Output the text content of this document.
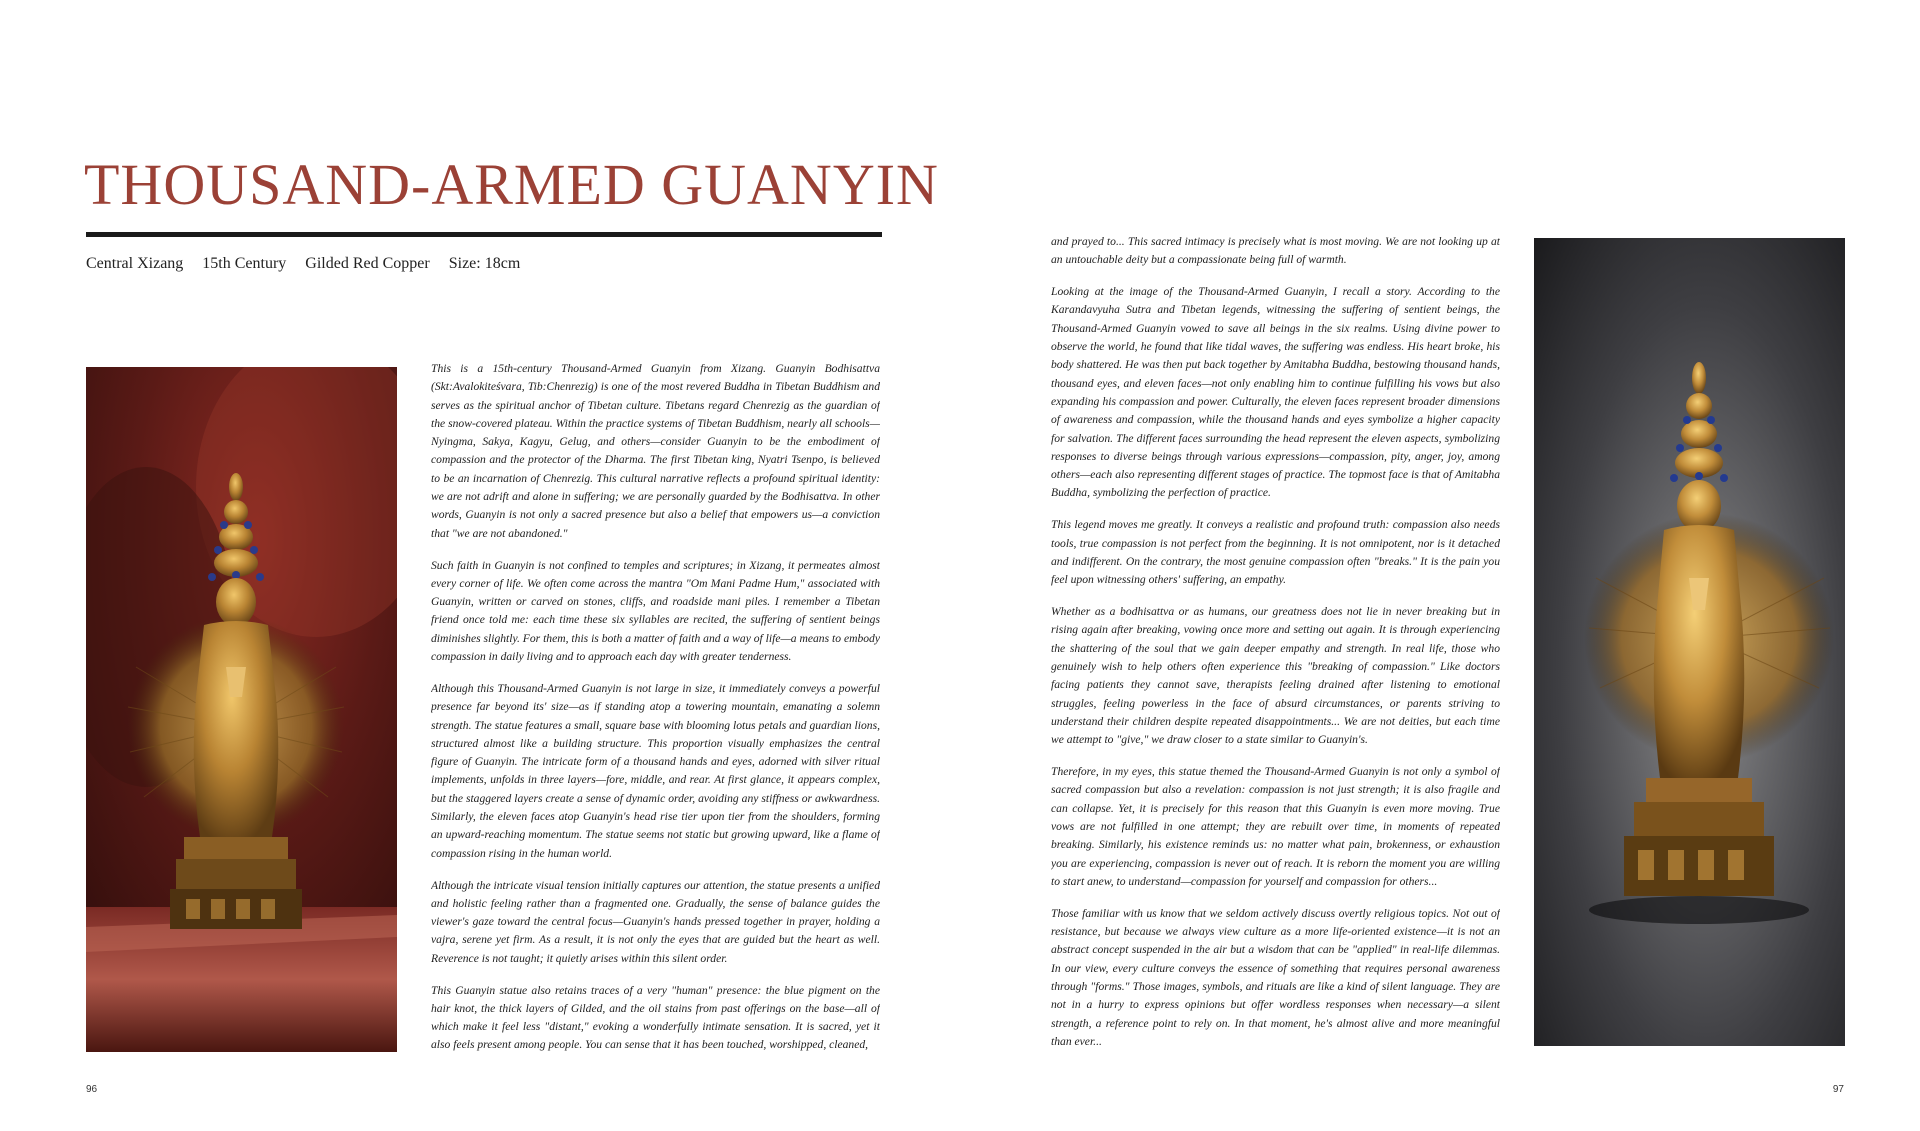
THOUSAND-ARMED GUANYIN
Central Xizang 15th Century Gilded Red Copper Size: 18cm

This is a 15th-century Thousand-Armed Guanyin from Xizang. Guanyin Bodhisattva (Skt:Avalokiteśvara, Tib:Chenrezig) is one of the most revered Buddha in Tibetan Buddhism and serves as the spiritual anchor of Tibetan culture. Tibetans regard Chenrezig as the guardian of the snow-covered plateau. Within the practice systems of Tibetan Buddhism, nearly all schools—Nyingma, Sakya, Kagyu, Gelug, and others—consider Guanyin to be the embodiment of compassion and the protector of the Dharma. The first Tibetan king, Nyatri Tsenpo, is believed to be an incarnation of Chenrezig. This cultural narrative reflects a profound spiritual identity: we are not adrift and alone in suffering; we are personally guarded by the Bodhisattva. In other words, Guanyin is not only a sacred presence but also a belief that empowers us—a conviction that "we are not abandoned."

Such faith in Guanyin is not confined to temples and scriptures; in Xizang, it permeates almost every corner of life. We often come across the mantra "Om Mani Padme Hum," associated with Guanyin, written or carved on stones, cliffs, and roadside mani piles. I remember a Tibetan friend once told me: each time these six syllables are recited, the suffering of sentient beings diminishes slightly. For them, this is both a matter of faith and a way of life—a means to embody compassion in daily living and to approach each day with greater tenderness.

Although this Thousand-Armed Guanyin is not large in size, it immediately conveys a powerful presence far beyond its' size—as if standing atop a towering mountain, emanating a solemn strength. The statue features a small, square base with blooming lotus petals and guardian lions, structured almost like a building structure. This proportion visually emphasizes the central figure of Guanyin. The intricate form of a thousand hands and eyes, adorned with silver ritual implements, unfolds in three layers—fore, middle, and rear. At first glance, it appears complex, but the staggered layers create a sense of dynamic order, avoiding any stiffness or awkwardness. Similarly, the eleven faces atop Guanyin's head rise tier upon tier from the shoulders, forming an upward-reaching momentum. The statue seems not static but growing upward, like a flame of compassion rising in the human world.

Although the intricate visual tension initially captures our attention, the statue presents a unified and holistic feeling rather than a fragmented one. Gradually, the sense of balance guides the viewer's gaze toward the central focus—Guanyin's hands pressed together in prayer, holding a vajra, serene yet firm. As a result, it is not only the eyes that are guided but the heart as well. Reverence is not taught; it quietly arises within this silent order.

This Guanyin statue also retains traces of a very "human" presence: the blue pigment on the hair knot, the thick layers of Gilded, and the oil stains from past offerings on the base—all of which make it feel less "distant," evoking a wonderfully intimate sensation. It is sacred, yet it also feels present among people. You can sense that it has been touched, worshipped, cleaned,

and prayed to... This sacred intimacy is precisely what is most moving. We are not looking up at an untouchable deity but a compassionate being full of warmth.

Looking at the image of the Thousand-Armed Guanyin, I recall a story. According to the Karandavyuha Sutra and Tibetan legends, witnessing the suffering of sentient beings, the Thousand-Armed Guanyin vowed to save all beings in the six realms. Using divine power to observe the world, he found that like tidal waves, the suffering was endless. His heart broke, his body shattered. He was then put back together by Amitabha Buddha, bestowing thousand hands, thousand eyes, and eleven faces—not only enabling him to continue fulfilling his vows but also expanding his compassion and power. Culturally, the eleven faces represent broader dimensions of awareness and compassion, while the thousand hands and eyes symbolize a higher capacity for salvation. The different faces surrounding the head represent the eleven aspects, symbolizing responses to diverse beings through various expressions—compassion, pity, anger, joy, among others—each also representing different stages of practice. The topmost face is that of Amitabha Buddha, symbolizing the perfection of practice.

This legend moves me greatly. It conveys a realistic and profound truth: compassion also needs tools, true compassion is not perfect from the beginning. It is not omnipotent, nor is it detached and indifferent. On the contrary, the most genuine compassion often "breaks." It is the pain you feel upon witnessing others' suffering, an empathy.

Whether as a bodhisattva or as humans, our greatness does not lie in never breaking but in rising again after breaking, vowing once more and setting out again. It is through experiencing the shattering of the soul that we gain deeper empathy and strength. In real life, those who genuinely wish to help others often experience this "breaking of compassion." Like doctors facing patients they cannot save, therapists feeling drained after listening to emotional struggles, feeling powerless in the face of absurd circumstances, or parents striving to understand their children despite repeated disappointments... We are not deities, but each time we attempt to "give," we draw closer to a state similar to Guanyin's.

Therefore, in my eyes, this statue themed the Thousand-Armed Guanyin is not only a symbol of sacred compassion but also a revelation: compassion is not just strength; it is also fragile and can collapse. Yet, it is precisely for this reason that this Guanyin is even more moving. True vows are not fulfilled in one attempt; they are rebuilt over time, in moments of repeated breaking. Similarly, his existence reminds us: no matter what pain, brokenness, or exhaustion you are experiencing, compassion is never out of reach. It is reborn the moment you are willing to start anew, to understand—compassion for yourself and compassion for others...

Those familiar with us know that we seldom actively discuss overtly religious topics. Not out of resistance, but because we always view culture as a more life-oriented existence—it is not an abstract concept suspended in the air but a wisdom that can be "applied" in real-life dilemmas. In our view, every culture conveys the essence of something that requires personal awareness through "forms." Those images, symbols, and rituals are like a kind of silent language. They are not in a hurry to express opinions but offer wordless responses when necessary—a silent strength, a reference point to rely on. In that moment, he's almost alive and more meaningful than ever...

96	97
